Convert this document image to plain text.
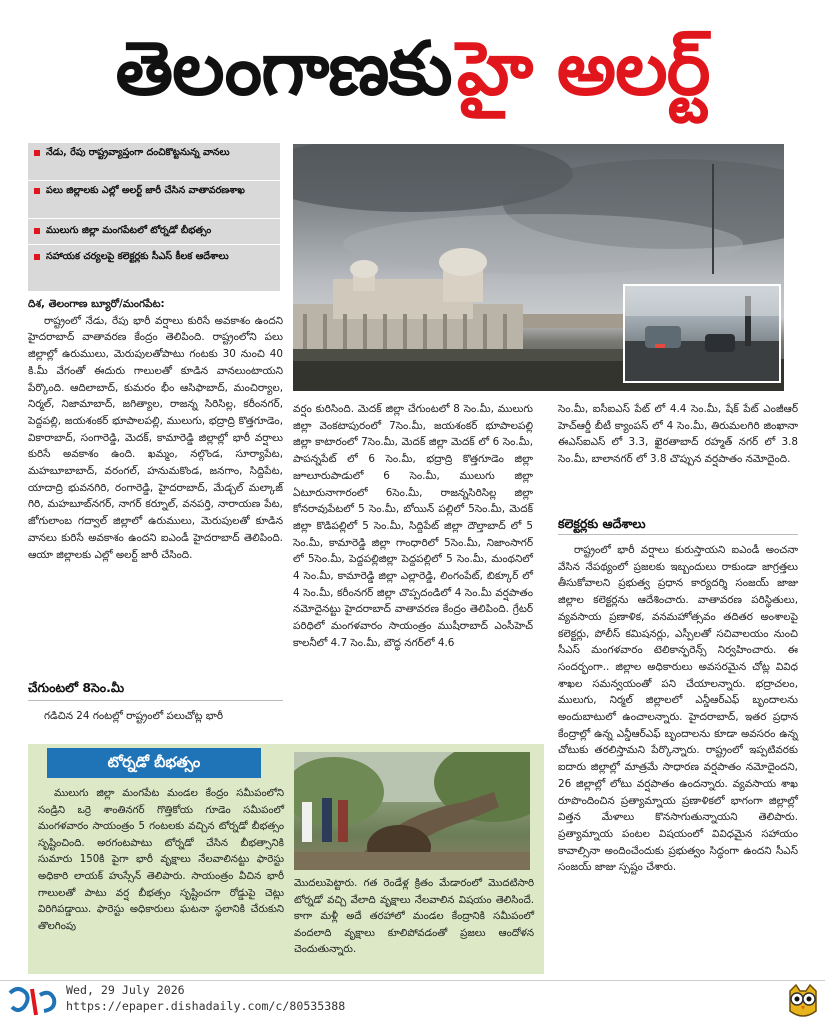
తెలంగాణకు హై అలర్ట్
నేడు, రేపు రాష్ట్రవ్యాప్తంగా దంచికొట్టనున్న వానలు
పలు జిల్లాలకు ఎల్లో అలర్ట్ జారీ చేసిన వాతావరణశాఖ
ములుగు జిల్లా మంగపేటలో టోర్నడో బీభత్సం
సహాయక చర్యలపై కలెక్టర్లకు సీఎస్ కీలక ఆదేశాలు

దిశ, తెలంగాణ బ్యూరో/మంగపేట:

రాష్ట్రంలో నేడు, రేపు భారీ వర్షాలు కురిసే అవకాశం ఉందని హైదరాబాద్ వాతావరణ కేంద్రం తెలిపింది. రాష్ట్రంలోని పలు జిల్లాల్లో ఉరుములు, మెరుపులతోపాటు గంటకు 30 నుంచి 40 కి.మీ వేగంతో ఈదురు గాలులతో కూడిన వానలుంటాయని పేర్కొంది. ఆదిలాబాద్, కుమరం భీం ఆసిఫాబాద్, మంచిర్యాల, నిర్మల్, నిజామాబాద్, జగిత్యాల, రాజన్న సిరిసిల్ల, కరీంనగర్, పెద్దపల్లి, జయశంకర్ భూపాలపల్లి, ములుగు, భద్రాద్రి కొత్తగూడెం, వికారాబాద్, సంగారెడ్డి, మెదక్, కామారెడ్డి జిల్లాల్లో భారీ వర్షాలు కురిసే అవకాశం ఉంది. ఖమ్మం, నల్గొండ, సూర్యాపేట, మహబూబాబాద్, వరంగల్, హనుమకొండ, జనగాం, సిద్దిపేట, యాదాద్రి భువనగిరి, రంగారెడ్డి, హైదరాబాద్, మేడ్చల్ మల్కాజ్ గిరి, మహబూబ్‌నగర్, నాగర్ కర్నూల్, వనపర్తి, నారాయణ పేట, జోగులాంబ గద్వాల్ జిల్లాలో ఉరుములు, మెరుపులతో కూడిన వానలు కురిసే అవకాశం ఉందని ఐఎండీ హైదరాబాద్ తెలిపింది. ఆయా జిల్లాలకు ఎల్లో అలర్ట్ జారీ చేసింది.

చేగుంటలో 8సెం.మీ

గడిచిన 24 గంటల్లో రాష్ట్రంలో పలుచోట్ల భారీ

వర్షం కురిసింది. మెదక్ జిల్లా చేగుంటలో 8 సెం.మీ, ములుగు జిల్లా వెంకటాపురంలో 7సెం.మీ, జయశంకర్ భూపాలపల్లి జిల్లా కాటారంలో 7సెం.మీ, మెదక్ జిల్లా మెదక్ లో 6 సెం.మీ, పాపన్నపేట్ లో 6 సెం.మీ, భద్రాద్రి కొత్తగూడెం జిల్లా జూలూరుపాడులో 6 సెం.మీ, ములుగు జిల్లా ఏటూరునాగారంలో 6సెం.మీ, రాజన్నసిరిసిల్ల జిల్లా కోనరావుపేటలో 5 సెం.మీ, బోయిన్ పల్లిలో 5సెం.మీ, మెదక్ జిల్లా కొడిపల్లిలో 5 సెం.మీ, సిద్దిపేట్ జిల్లా దౌల్తాబాద్ లో 5 సెం.మీ, కామారెడ్డి జిల్లా గాంధారిలో 5సెం.మీ, నిజాంసాగర్ లో 5సెం.మీ, పెద్దపల్లిజిల్లా పెద్దపల్లిలో 5 సెం.మీ, మంథనిలో 4 సెం.మీ, కామారెడ్డి జిల్లా ఎల్లారెడ్డి, లింగంపేట్, బిక్కూర్ లో 4 సెం.మీ, కరీంనగర్ జిల్లా చొప్పదండిలో 4 సెం.మీ వర్షపాతం నమోదైనట్టు హైదరాబాద్ వాతావరణ కేంద్రం తెలిపింది. గ్రేటర్ పరిధిలో మంగళవారం సాయంత్రం ముషీరాబాద్ ఎంసీహెచ్ కాలనీలో 4.7 సెం.మీ, బౌద్ధ నగర్‌లో 4.6

సెం.మీ, ఐసీఐఎస్ పేట్ లో 4.4 సెం.మీ, షేక్ పేట్ ఎంజీఆర్ హెచ్‌ఆర్డీ బీటీ క్యాంపస్ లో 4 సెం.మీ, తిరుమలగిరి జింఖానా ఈఎస్ఐఎస్ లో 3.3, ఖైరతాబాద్ రహ్మత్ నగర్ లో 3.8 సెం.మీ, బాలానగర్ లో 3.8 చొప్పున వర్షపాతం నమోదైంది.

కలెక్టర్లకు ఆదేశాలు

రాష్ట్రంలో భారీ వర్షాలు కురుస్తాయని ఐఎండీ అంచనా వేసిన నేపథ్యంలో ప్రజలకు ఇబ్బందులు రాకుండా జాగ్రత్తలు తీసుకోవాలని ప్రభుత్వ ప్రధాన కార్యదర్శి సంజయ్ జాజు జిల్లాల కలెక్టర్లను ఆదేశించారు. వాతావరణ పరిస్థితులు, వ్యవసాయ ప్రణాళిక, వనమహోత్సవం తదితర అంశాలపై కలెక్టర్లు, పోలీస్ కమిషనర్లు, ఎస్పీలతో సచివాలయం నుంచి సీఎస్ మంగళవారం టెలికాన్ఫరెన్స్ నిర్వహించారు. ఈ సందర్భంగా.. జిల్లాల అధికారులు అవసరమైన చోట్ల వివిధ శాఖల సమన్వయంతో పని చేయాలన్నారు. భద్రాచలం, ములుగు, నిర్మల్ జిల్లాలలో ఎన్డీఆర్ఎఫ్ బృందాలను అందుబాటులో ఉంచాలన్నారు. హైదరాబాద్, ఇతర ప్రధాన కేంద్రాల్లో ఉన్న ఎన్డీఆర్ఎఫ్ బృందాలను కూడా అవసరం ఉన్న చోటుకు తరలిస్తామని పేర్కొన్నారు. రాష్ట్రంలో ఇప్పటివరకు ఐదారు జిల్లాల్లో మాత్రమే సాధారణ వర్షపాతం నమోదైందని, 26 జిల్లాల్లో లోటు వర్షపాతం ఉందన్నారు. వ్యవసాయ శాఖ రూపొందించిన ప్రత్యామ్నాయ ప్రణాళికలో భాగంగా జిల్లాల్లో విత్తన మేళాలు కొనసాగుతున్నాయని తెలిపారు. ప్రత్యామ్నాయ పంటల విషయంలో వివిధమైన సహాయం కావాల్సినా అందించేందుకు ప్రభుత్వం సిద్ధంగా ఉందని సీఎస్ సంజయ్ జాజు స్పష్టం చేశారు.

టోర్నడో బీభత్సం

ములుగు జిల్లా మంగపేట మండల కేంద్రం సమీపంలోని సండ్రిని ఒర్రె శాంతినగర్ గొత్తికోయ గూడెం సమీపంలో మంగళవారం సాయంత్రం 5 గంటలకు వచ్చిన టోర్నడో బీభత్సం సృష్టించింది. అరగంటపాటు టోర్నడో చేసిన బీభత్సానికి సుమారు 150కి పైగా భారీ వృక్షాలు నేలవాలినట్టు ఫారెస్టు అధికారి లాయక్ హుస్సేన్ తెలిపారు. సాయంత్రం వీచిన భారీ గాలులతో పాటు వర్ష బీభత్సం సృష్టించగా రోడ్డుపై చెట్లు విరిగిపడ్డాయి. ఫారెస్టు అధికారులు ఘటనా స్థలానికి చేరుకుని తొలగింపు

మొదలుపెట్టారు. గత రెండేళ్ల క్రితం మేడారంలో మొదటిసారి టోర్నడో వచ్చి వేలాది వృక్షాలు నేలవాలిన విషయం తెలిసిందే. కాగా మళ్లీ అదే తరహాలో మండల కేంద్రానికి సమీపంలో వందలాది వృక్షాలు కూలిపోవడంతో ప్రజలు ఆందోళన చెందుతున్నారు.

Wed, 29 July 2026
https://epaper.dishadaily.com/c/80535388
